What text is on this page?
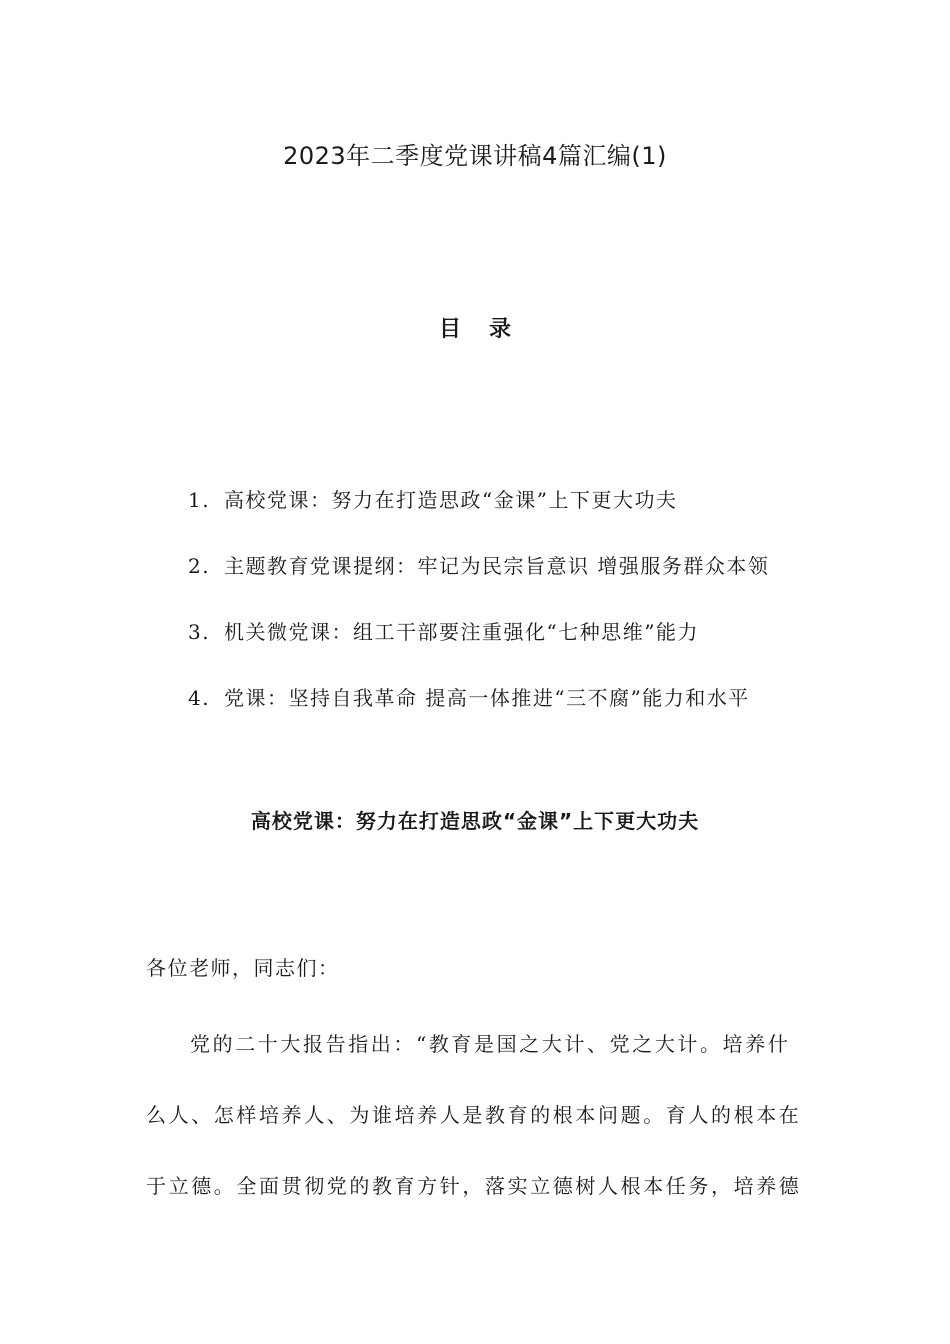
2023年二季度党课讲稿4篇汇编(1)
目录
1. 高校党课：努力在打造思政“金课”上下更大功夫
2. 主题教育党课提纲：牢记为民宗旨意识 增强服务群众本领
3. 机关微党课：组工干部要注重强化“七种思维”能力
4. 党课：坚持自我革命 提高一体推进“三不腐”能力和水平
高校党课：努力在打造思政“金课”上下更大功夫

各位老师，同志们：

党的二十大报告指出：“教育是国之大计、党之大计。培养什
么人、怎样培养人、为谁培养人是教育的根本问题。育人的根本在
于立德。全面贯彻党的教育方针，落实立德树人根本任务，培养德
